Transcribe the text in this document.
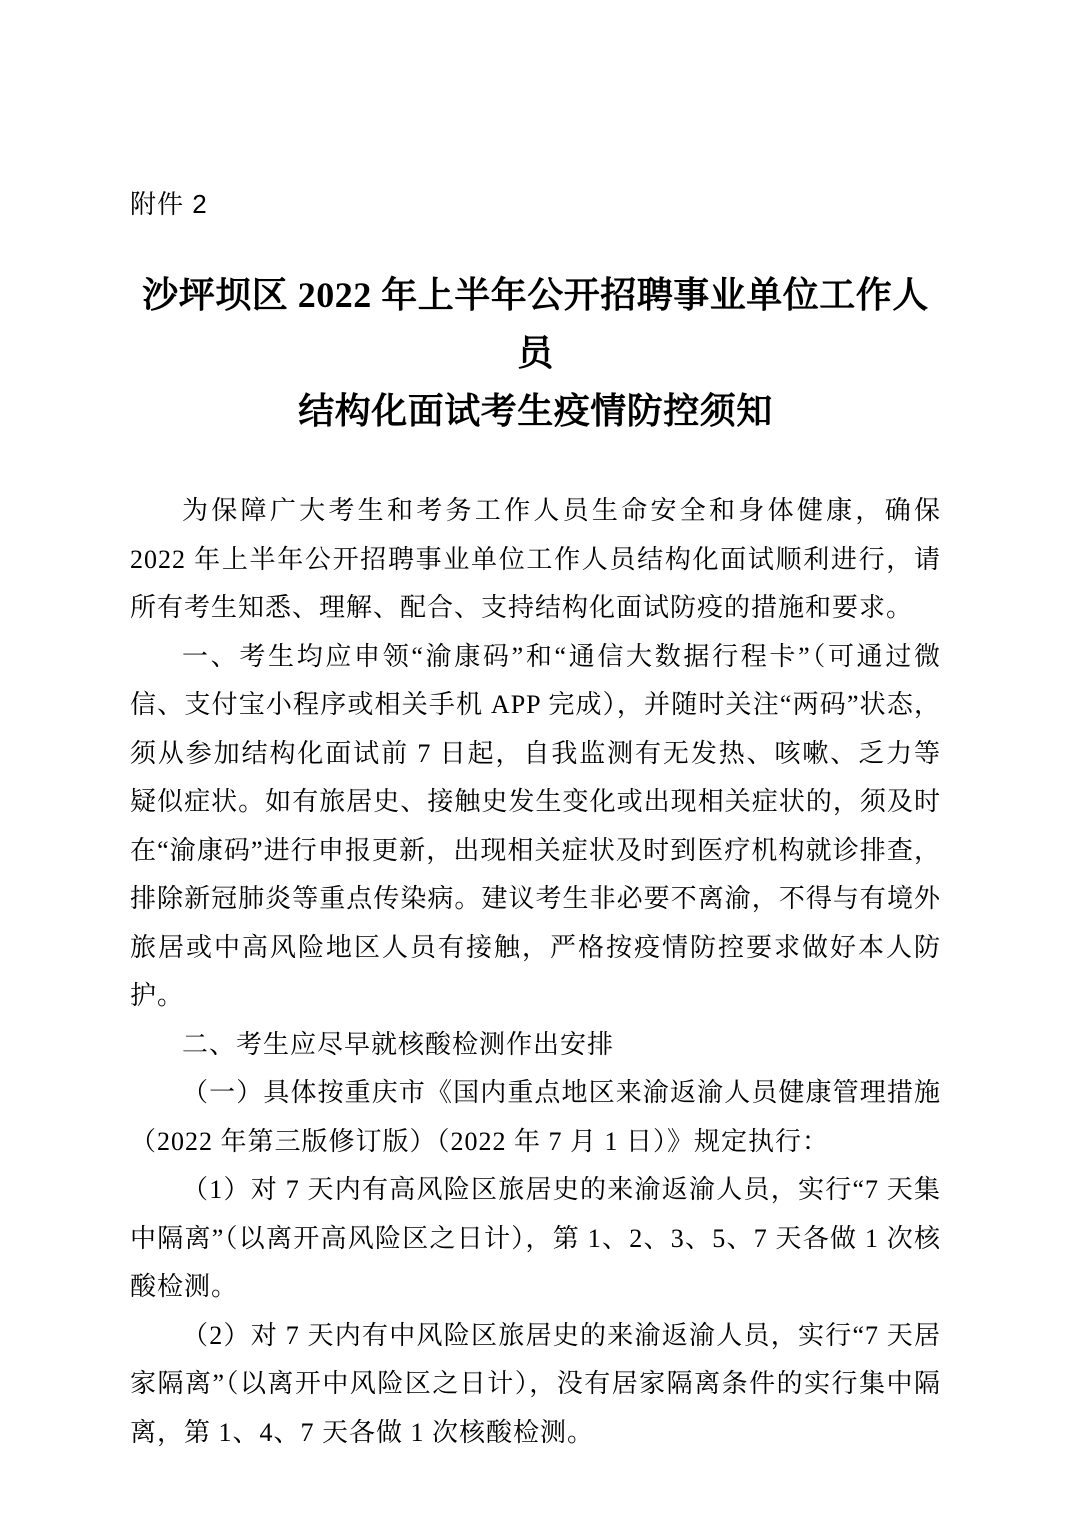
附件 2

沙坪坝区 2022 年上半年公开招聘事业单位工作人员
结构化面试考生疫情防控须知

为保障广大考生和考务工作人员生命安全和身体健康，确保 2022 年上半年公开招聘事业单位工作人员结构化面试顺利进行，请所有考生知悉、理解、配合、支持结构化面试防疫的措施和要求。

一、考生均应申领“渝康码”和“通信大数据行程卡”（可通过微信、支付宝小程序或相关手机 APP 完成），并随时关注“两码”状态，须从参加结构化面试前 7 日起，自我监测有无发热、咳嗽、乏力等疑似症状。如有旅居史、接触史发生变化或出现相关症状的，须及时在“渝康码”进行申报更新，出现相关症状及时到医疗机构就诊排查，排除新冠肺炎等重点传染病。建议考生非必要不离渝，不得与有境外旅居或中高风险地区人员有接触，严格按疫情防控要求做好本人防护。

二、考生应尽早就核酸检测作出安排

（一）具体按重庆市《国内重点地区来渝返渝人员健康管理措施（2022 年第三版修订版）（2022 年 7 月 1 日）》规定执行：

（1）对 7 天内有高风险区旅居史的来渝返渝人员，实行“7 天集中隔离”（以离开高风险区之日计），第 1、2、3、5、7 天各做 1 次核酸检测。

（2）对 7 天内有中风险区旅居史的来渝返渝人员，实行“7 天居家隔离”（以离开中风险区之日计），没有居家隔离条件的实行集中隔离，第 1、4、7 天各做 1 次核酸检测。
